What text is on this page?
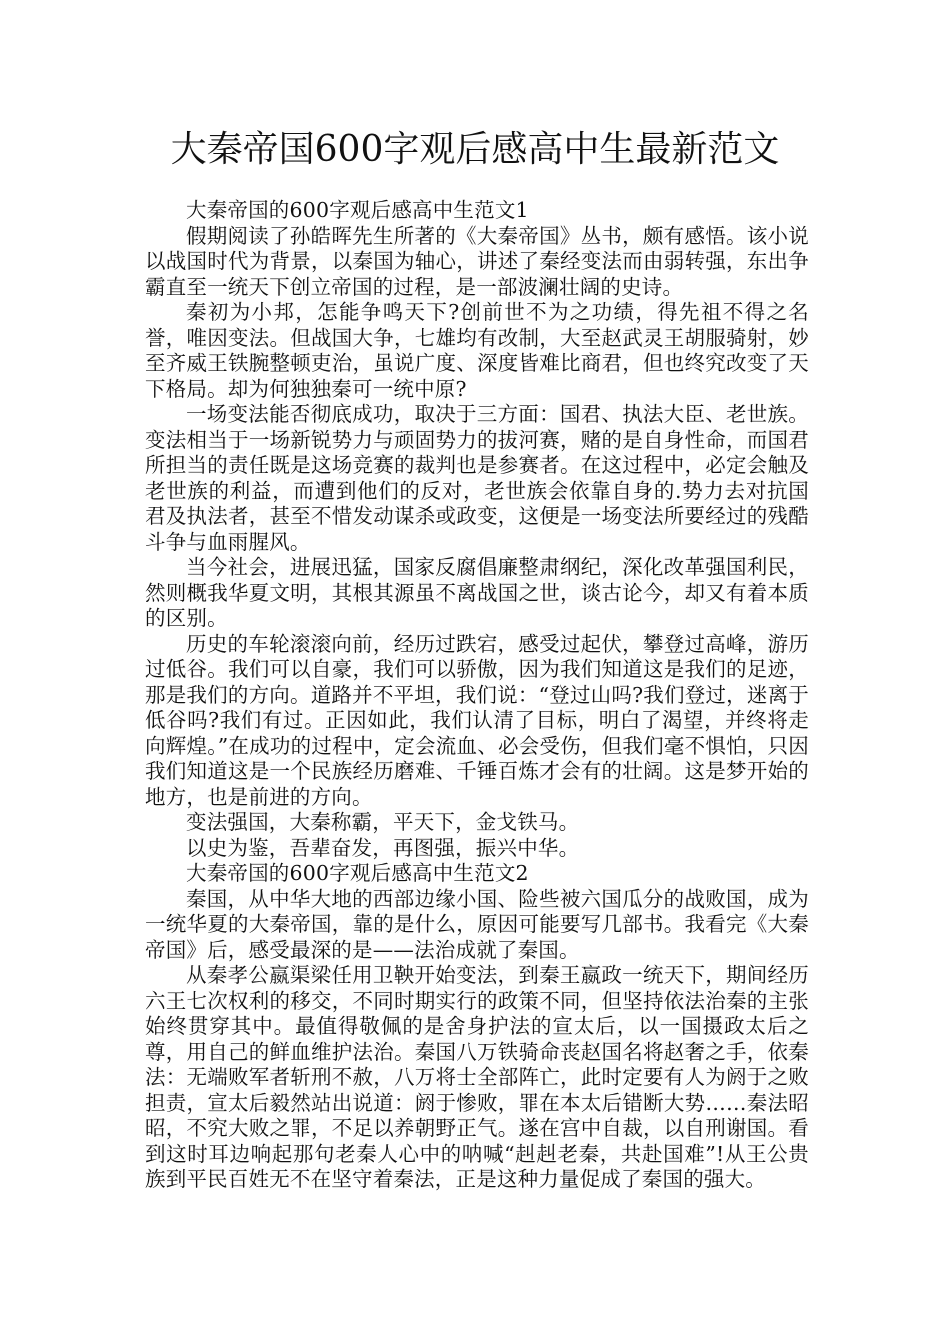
大秦帝国600字观后感高中生最新范文

大秦帝国的600字观后感高中生范文1

假期阅读了孙皓晖先生所著的《大秦帝国》丛书，颇有感悟。该小说以战国时代为背景，以秦国为轴心，讲述了秦经变法而由弱转强，东出争霸直至一统天下创立帝国的过程，是一部波澜壮阔的史诗。

秦初为小邦，怎能争鸣天下?创前世不为之功绩，得先祖不得之名誉，唯因变法。但战国大争，七雄均有改制，大至赵武灵王胡服骑射，妙至齐威王铁腕整顿吏治，虽说广度、深度皆难比商君，但也终究改变了天下格局。却为何独独秦可一统中原?

一场变法能否彻底成功，取决于三方面：国君、执法大臣、老世族。变法相当于一场新锐势力与顽固势力的拔河赛，赌的是自身性命，而国君所担当的责任既是这场竞赛的裁判也是参赛者。在这过程中，必定会触及老世族的利益，而遭到他们的反对，老世族会依靠自身的.势力去对抗国君及执法者，甚至不惜发动谋杀或政变，这便是一场变法所要经过的残酷斗争与血雨腥风。

当今社会，进展迅猛，国家反腐倡廉整肃纲纪，深化改革强国利民，然则概我华夏文明，其根其源虽不离战国之世，谈古论今，却又有着本质的区别。

历史的车轮滚滚向前，经历过跌宕，感受过起伏，攀登过高峰，游历过低谷。我们可以自豪，我们可以骄傲，因为我们知道这是我们的足迹，那是我们的方向。道路并不平坦，我们说：“登过山吗?我们登过，迷离于低谷吗?我们有过。正因如此，我们认清了目标，明白了渴望，并终将走向辉煌。”在成功的过程中，定会流血、必会受伤，但我们毫不惧怕，只因我们知道这是一个民族经历磨难、千锤百炼才会有的壮阔。这是梦开始的地方，也是前进的方向。

变法强国，大秦称霸，平天下，金戈铁马。

以史为鉴，吾辈奋发，再图强，振兴中华。

大秦帝国的600字观后感高中生范文2

秦国，从中华大地的西部边缘小国、险些被六国瓜分的战败国，成为一统华夏的大秦帝国，靠的是什么，原因可能要写几部书。我看完《大秦帝国》后，感受最深的是——法治成就了秦国。

从秦孝公嬴渠梁任用卫鞅开始变法，到秦王嬴政一统天下，期间经历六王七次权利的移交，不同时期实行的政策不同，但坚持依法治秦的主张始终贯穿其中。最值得敬佩的是舍身护法的宣太后，以一国摄政太后之尊，用自己的鲜血维护法治。秦国八万铁骑命丧赵国名将赵奢之手，依秦法：无端败军者斩刑不赦，八万将士全部阵亡，此时定要有人为阏于之败担责，宣太后毅然站出说道：阏于惨败，罪在本太后错断大势……秦法昭昭，不究大败之罪，不足以养朝野正气。遂在宫中自裁，以自刑谢国。看到这时耳边响起那句老秦人心中的呐喊“赳赳老秦，共赴国难”!从王公贵族到平民百姓无不在坚守着秦法，正是这种力量促成了秦国的强大。
